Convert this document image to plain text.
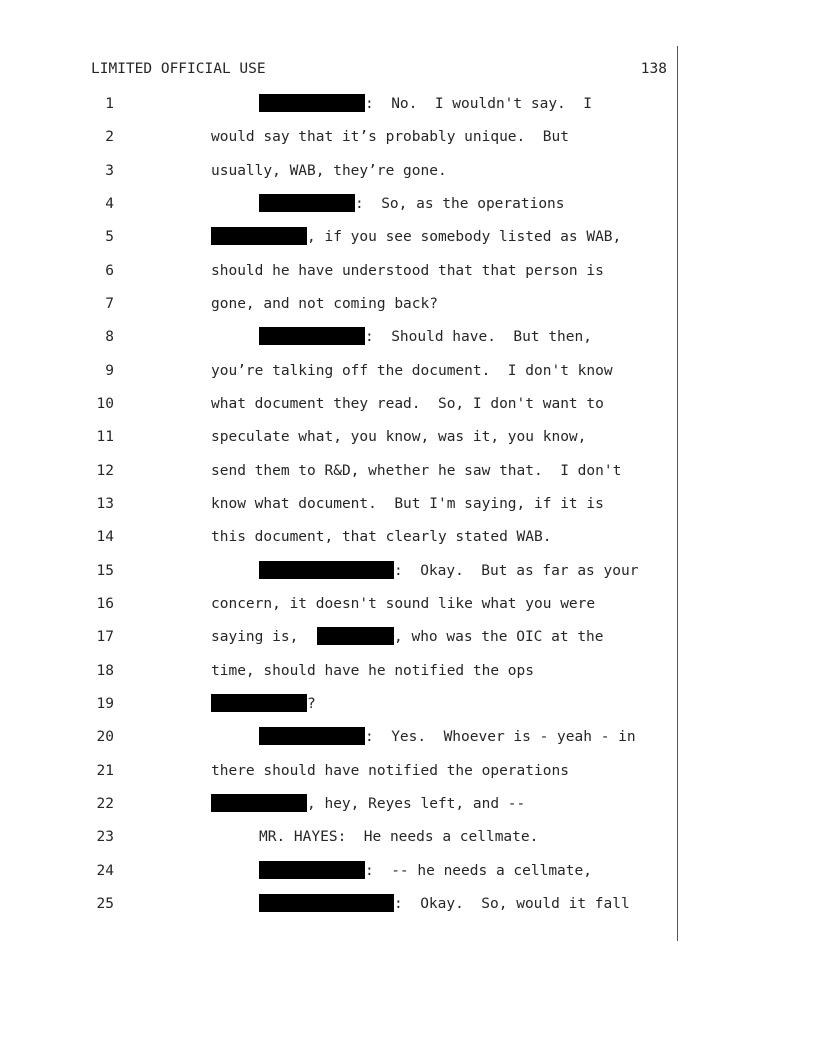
LIMITED OFFICIAL USE	138
1	:  No.  I wouldn't say.  I
2	would say that it’s probably unique.  But
3	usually, WAB, they’re gone.
4	:  So, as the operations
5	, if you see somebody listed as WAB,
6	should he have understood that that person is
7	gone, and not coming back?
8	:  Should have.  But then,
9	you’re talking off the document.  I don't know
10	what document they read.  So, I don't want to
11	speculate what, you know, was it, you know,
12	send them to R&D, whether he saw that.  I don't
13	know what document.  But I'm saying, if it is
14	this document, that clearly stated WAB.
15	:  Okay.  But as far as your
16	concern, it doesn't sound like what you were
17	saying is,	, who was the OIC at the
18	time, should have he notified the ops
19	?
20	:  Yes.  Whoever is - yeah - in
21	there should have notified the operations
22	, hey, Reyes left, and --
23	MR. HAYES:  He needs a cellmate.
24	:  -- he needs a cellmate,
25	:  Okay.  So, would it fall
